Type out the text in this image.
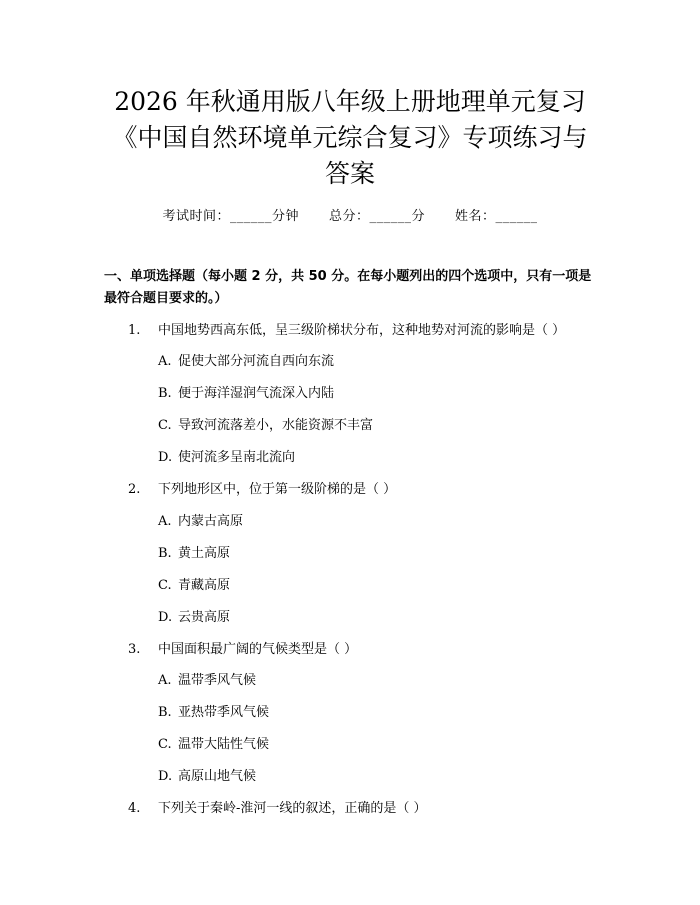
2026 年秋通用版八年级上册地理单元复习
《中国自然环境单元综合复习》专项练习与
答案
考试时间：______分钟 总分：______分 姓名：______
一、单项选择题（每小题 2 分，共 50 分。在每小题列出的四个选项中，只有一项是最符合题目要求的。）
1. 中国地势西高东低，呈三级阶梯状分布，这种地势对河流的影响是（ ）
A. 促使大部分河流自西向东流
B. 便于海洋湿润气流深入内陆
C. 导致河流落差小，水能资源不丰富
D. 使河流多呈南北流向
2. 下列地形区中，位于第一级阶梯的是（ ）
A. 内蒙古高原
B. 黄土高原
C. 青藏高原
D. 云贵高原
3. 中国面积最广阔的气候类型是（ ）
A. 温带季风气候
B. 亚热带季风气候
C. 温带大陆性气候
D. 高原山地气候
4. 下列关于秦岭-淮河一线的叙述，正确的是（ ）
